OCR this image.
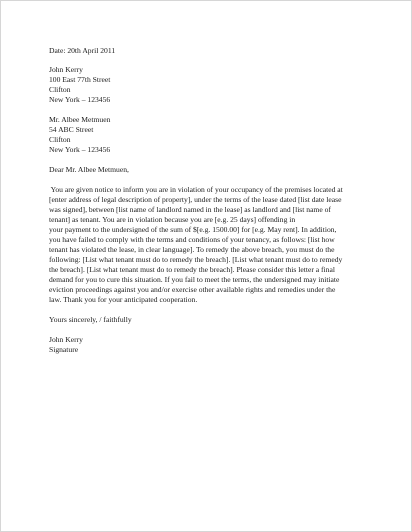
Date: 20th April 2011
John Kerry
100 East 77th Street
Clifton
New York – 123456
Mr. Albee Metmuen
54 ABC Street
Clifton
New York – 123456
Dear Mr. Albee Metmuen,
You are given notice to inform you are in violation of your occupancy of the premises located at
[enter address of legal description of property], under the terms of the lease dated [list date lease
was signed], between [list name of landlord named in the lease] as landlord and [list name of
tenant] as tenant. You are in violation because you are [e.g. 25 days] offending in
your payment to the undersigned of the sum of $[e.g. 1500.00] for [e.g. May rent]. In addition,
you have failed to comply with the terms and conditions of your tenancy, as follows: [list how
tenant has violated the lease, in clear language]. To remedy the above breach, you must do the
following: [List what tenant must do to remedy the breach]. [List what tenant must do to remedy
the breach]. [List what tenant must do to remedy the breach]. Please consider this letter a final
demand for you to cure this situation. If you fail to meet the terms, the undersigned may initiate
eviction proceedings against you and/or exercise other available rights and remedies under the
law. Thank you for your anticipated cooperation.
Yours sincerely, / faithfully
John Kerry
Signature
